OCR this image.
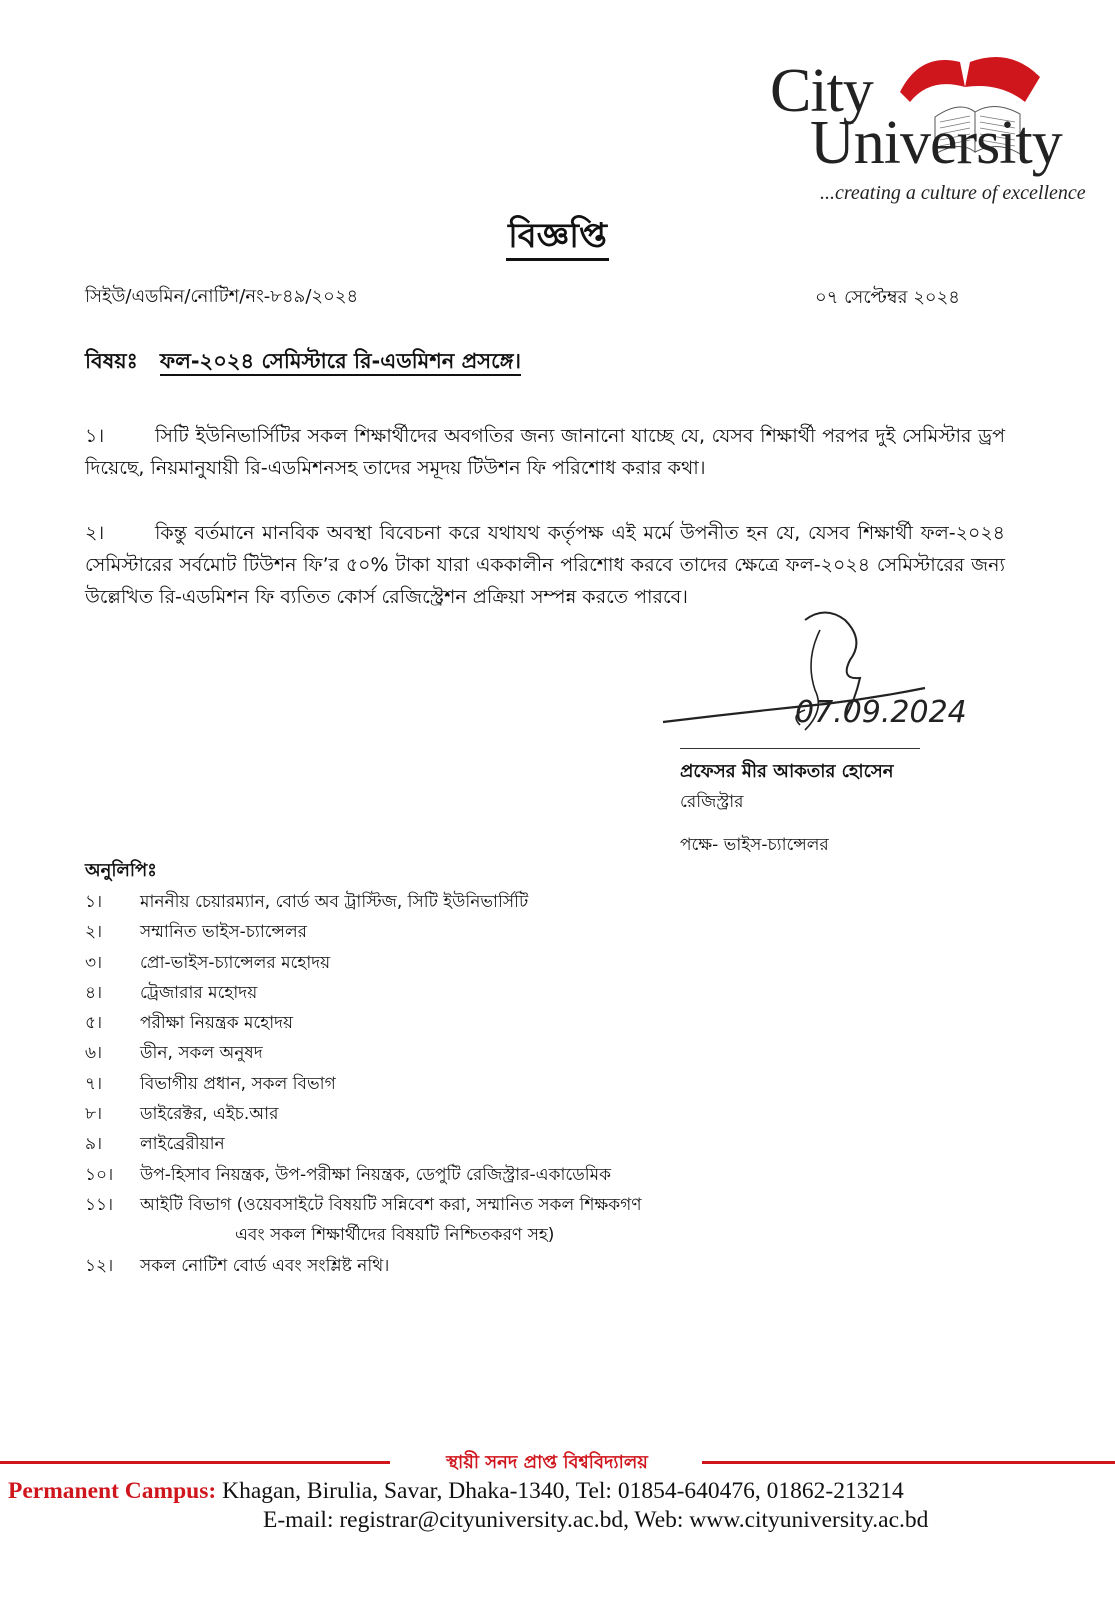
City
University
...creating a culture of excellence
বিজ্ঞপ্তি
সিইউ/এডমিন/নোটিশ/নং-৮৪৯/২০২৪	০৭ সেপ্টেম্বর ২০২৪
বিষয়ঃ ফল-২০২৪ সেমিস্টারে রি-এডমিশন প্রসঙ্গে।
১।	সিটি ইউনিভার্সিটির সকল শিক্ষার্থীদের অবগতির জন্য জানানো যাচ্ছে যে, যেসব শিক্ষার্থী পরপর দুই সেমিস্টার ড্রপ দিয়েছে, নিয়মানুযায়ী রি-এডমিশনসহ তাদের সমূদয় টিউশন ফি পরিশোধ করার কথা।
২।	কিন্তু বর্তমানে মানবিক অবস্থা বিবেচনা করে যথাযথ কর্তৃপক্ষ এই মর্মে উপনীত হন যে, যেসব শিক্ষার্থী ফল-২০২৪ সেমিস্টারের সর্বমোট টিউশন ফি’র ৫০% টাকা যারা এককালীন পরিশোধ করবে তাদের ক্ষেত্রে ফল-২০২৪ সেমিস্টারের জন্য উল্লেখিত রি-এডমিশন ফি ব্যতিত কোর্স রেজিস্ট্রেশন প্রক্রিয়া সম্পন্ন করতে পারবে।
07.09.2024
প্রফেসর মীর আকতার হোসেন
রেজিস্ট্রার
পক্ষে- ভাইস-চ্যান্সেলর
অনুলিপিঃ
১। মাননীয় চেয়ারম্যান, বোর্ড অব ট্রাস্টিজ, সিটি ইউনিভার্সিটি
২। সম্মানিত ভাইস-চ্যান্সেলর
৩। প্রো-ভাইস-চ্যান্সেলর মহোদয়
৪। ট্রেজারার মহোদয়
৫। পরীক্ষা নিয়ন্ত্রক মহোদয়
৬। ডীন, সকল অনুষদ
৭। বিভাগীয় প্রধান, সকল বিভাগ
৮। ডাইরেক্টর, এইচ.আর
৯। লাইব্রেরীয়ান
১০। উপ-হিসাব নিয়ন্ত্রক, উপ-পরীক্ষা নিয়ন্ত্রক, ডেপুটি রেজিস্ট্রার-একাডেমিক
১১। আইটি বিভাগ (ওয়েবসাইটে বিষয়টি সন্নিবেশ করা, সম্মানিত সকল শিক্ষকগণ
এবং সকল শিক্ষার্থীদের বিষয়টি নিশ্চিতকরণ সহ)
১২। সকল নোটিশ বোর্ড এবং সংশ্লিষ্ট নথি।
স্থায়ী সনদ প্রাপ্ত বিশ্ববিদ্যালয়
Permanent Campus: Khagan, Birulia, Savar, Dhaka-1340, Tel: 01854-640476, 01862-213214
E-mail: registrar@cityuniversity.ac.bd, Web: www.cityuniversity.ac.bd
